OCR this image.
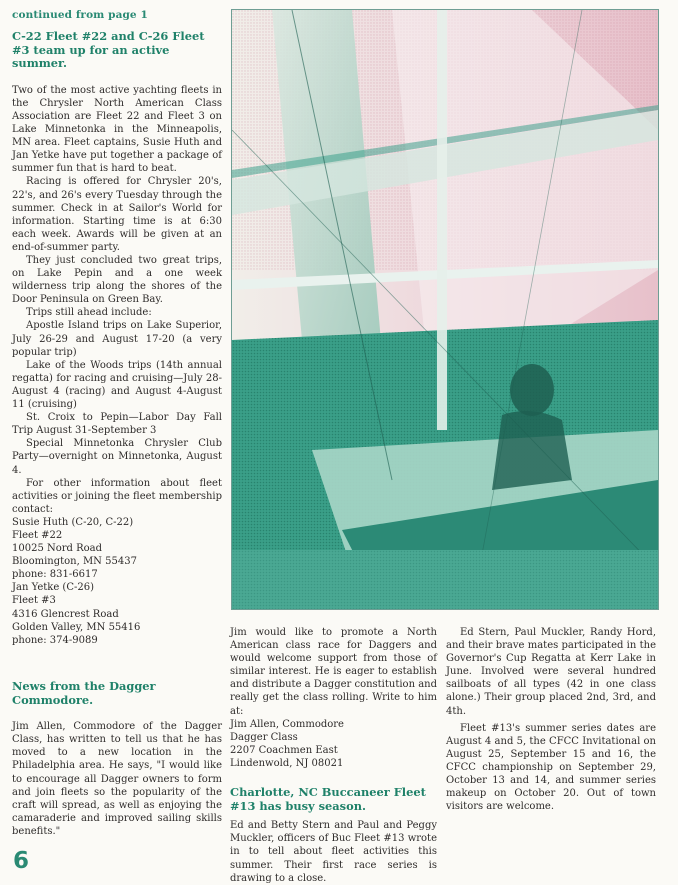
continued from page 1
C-22 Fleet #22 and C-26 Fleet #3 team up for an active summer.

Two of the most active yachting fleets in the Chrysler North American Class Association are Fleet 22 and Fleet 3 on Lake Minnetonka in the Minneapolis, MN area. Fleet captains, Susie Huth and Jan Yetke have put together a package of summer fun that is hard to beat.

Racing is offered for Chrysler 20's, 22's, and 26's every Tuesday through the summer. Check in at Sailor's World for information. Starting time is at 6:30 each week. Awards will be given at an end-of-summer party.

They just concluded two great trips, on Lake Pepin and a one week wilderness trip along the shores of the Door Peninsula on Green Bay.

Trips still ahead include:

Apostle Island trips on Lake Superior, July 26-29 and August 17-20 (a very popular trip)

Lake of the Woods trips (14th annual regatta) for racing and cruising—July 28-August 4 (racing) and August 4-August 11 (cruising)

St. Croix to Pepin—Labor Day Fall Trip August 31-September 3

Special Minnetonka Chrysler Club Party—overnight on Minnetonka, August 4.

For other information about fleet activities or joining the fleet membership contact:

Susie Huth (C-20, C-22)
Fleet #22
10025 Nord Road
Bloomington, MN 55437
phone: 831-6617
Jan Yetke (C-26)
Fleet #3
4316 Glencrest Road
Golden Valley, MN 55416
phone: 374-9089
News from the Dagger Commodore.

Jim Allen, Commodore of the Dagger Class, has written to tell us that he has moved to a new location in the Philadelphia area. He says, "I would like to encourage all Dagger owners to form and join fleets so the popularity of the craft will spread, as well as enjoying the camaraderie and improved sailing skills benefits."

Jim would like to promote a North American class race for Daggers and would welcome support from those of similar interest. He is eager to establish and distribute a Dagger constitution and really get the class rolling. Write to him at:

Jim Allen, Commodore
Dagger Class
2207 Coachmen East
Lindenwold, NJ 08021
Charlotte, NC Buccaneer Fleet #13 has busy season.

Ed and Betty Stern and Paul and Peggy Muckler, officers of Buc Fleet #13 wrote in to tell about fleet activities this summer. Their first race series is drawing to a close.

Ed Stern, Paul Muckler, Randy Hord, and their brave mates participated in the Governor's Cup Regatta at Kerr Lake in June. Involved were several hundred sailboats of all types (42 in one class alone.) Their group placed 2nd, 3rd, and 4th.

Fleet #13's summer series dates are August 4 and 5, the CFCC Invitational on August 25, September 15 and 16, the CFCC championship on September 29, October 13 and 14, and summer series makeup on October 20. Out of town visitors are welcome.

6
